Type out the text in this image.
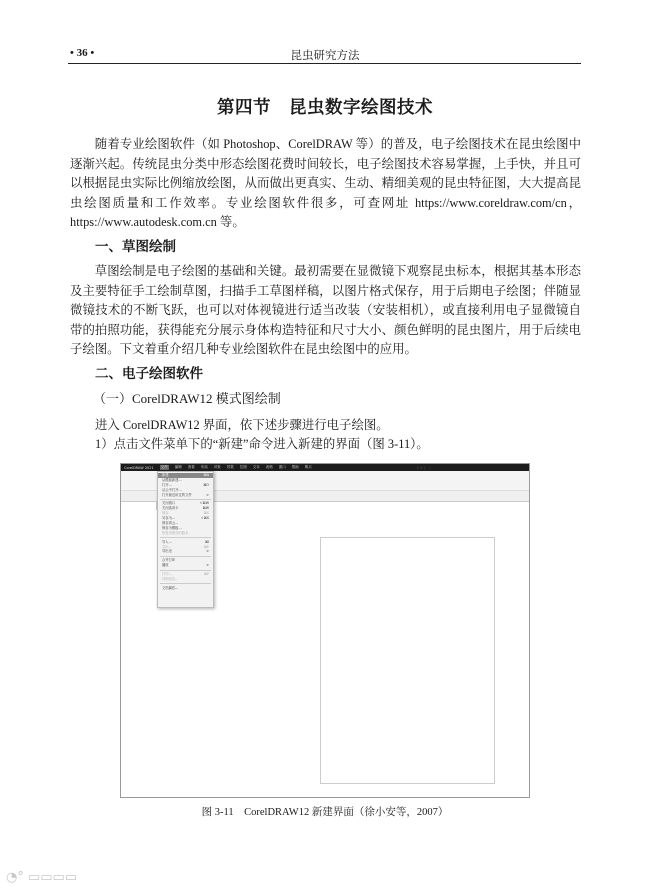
• 36 •	昆虫研究方法
第四节　昆虫数字绘图技术

随着专业绘图软件（如 Photoshop、CorelDRAW 等）的普及，电子绘图技术在昆虫绘图中逐渐兴起。传统昆虫分类中形态绘图花费时间较长，电子绘图技术容易掌握，上手快，并且可以根据昆虫实际比例缩放绘图，从而做出更真实、生动、精细美观的昆虫特征图，大大提高昆虫绘图质量和工作效率。专业绘图软件很多，可查网址 https://www.coreldraw.com/cn，https://www.autodesk.com.cn 等。

一、草图绘制

草图绘制是电子绘图的基础和关键。最初需要在显微镜下观察昆虫标本，根据其基本形态及主要特征手工绘制草图，扫描手工草图样稿，以图片格式保存，用于后期电子绘图；伴随显微镜技术的不断飞跃，也可以对体视镜进行适当改装（安装相机），或直接利用电子显微镜自带的拍照功能，获得能充分展示身体构造特征和尺寸大小、颜色鲜明的昆虫图片，用于后续电子绘图。下文着重介绍几种专业绘图软件在昆虫绘图中的应用。

二、电子绘图软件
（一）CorelDRAW12 模式图绘制
进入 CorelDRAW12 界面，依下述步骤进行电子绘图。
1）点击文件菜单下的“新建”命令进入新建的界面（图 3-11）。
CorelDRAW 2021 文件 编辑 查看 布局 对象 效果 位图 文本 表格 窗口 帮助 购买	未命名 -1
新建	⌘N
从模板新建...
打开...	⌘O
从云中打开...
打开最近用过的文件	>
关闭窗口	⇧⌘W
关闭选项卡	⌘W
保存	⌘S
另存为...	⇧⌘S
保存到云...
保存为模板...
恢复到保存的版本
导入...	⌘I
导出...	⌘E
导出至	>
合并打印
播放	>
打印...	⌘P
详细信息...
文档属性...
图 3-11　CorelDRAW12 新建界面（徐小安等，2007）
◔° ▭▭▭▭
